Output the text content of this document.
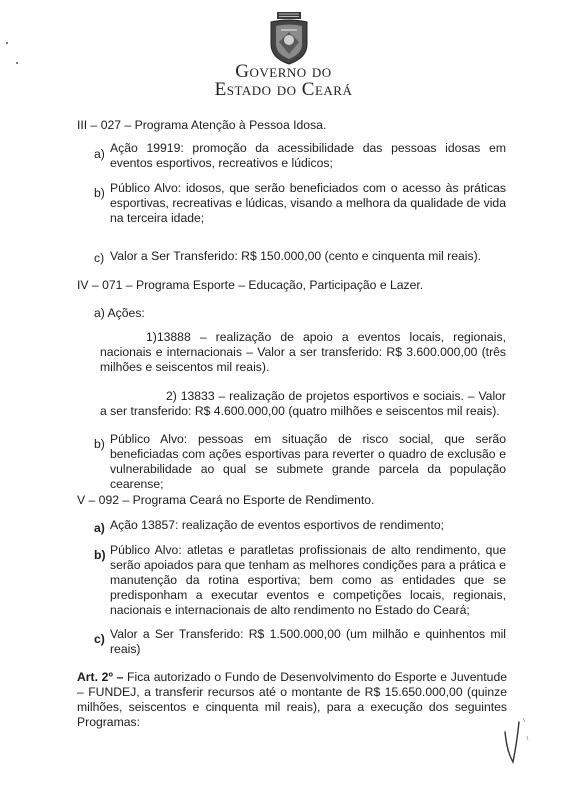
Governo do
Estado do Ceará
III – 027 – Programa Atenção à Pessoa Idosa.
a) Ação 19919: promoção da acessibilidade das pessoas idosas em eventos esportivos, recreativos e lúdicos;
b) Público Alvo: idosos, que serão beneficiados com o acesso às práticas esportivas, recreativas e lúdicas, visando a melhora da qualidade de vida na terceira idade;
c) Valor a Ser Transferido: R$ 150.000,00 (cento e cinquenta mil reais).
IV – 071 – Programa Esporte – Educação, Participação e Lazer.
a) Ações:
1)13888 – realização de apoio a eventos locais, regionais, nacionais e internacionais – Valor a ser transferido: R$ 3.600.000,00 (três milhões e seiscentos mil reais).
2) 13833 – realização de projetos esportivos e sociais. – Valor a ser transferido: R$ 4.600.000,00 (quatro milhões e seiscentos mil reais).
b) Público Alvo: pessoas em situação de risco social, que serão beneficiadas com ações esportivas para reverter o quadro de exclusão e vulnerabilidade ao qual se submete grande parcela da população cearense;
V – 092 – Programa Ceará no Esporte de Rendimento.
a) Ação 13857: realização de eventos esportivos de rendimento;
b) Público Alvo: atletas e paratletas profissionais de alto rendimento, que serão apoiados para que tenham as melhores condições para a prática e manutenção da rotina esportiva; bem como as entidades que se predisponham a executar eventos e competições locais, regionais, nacionais e internacionais de alto rendimento no Estado do Ceará;
c) Valor a Ser Transferido: R$ 1.500.000,00 (um milhão e quinhentos mil reais)
Art. 2º – Fica autorizado o Fundo de Desenvolvimento do Esporte e Juventude – FUNDEJ, a transferir recursos até o montante de R$ 15.650.000,00 (quinze milhões, seiscentos e cinquenta mil reais), para a execução dos seguintes Programas:
